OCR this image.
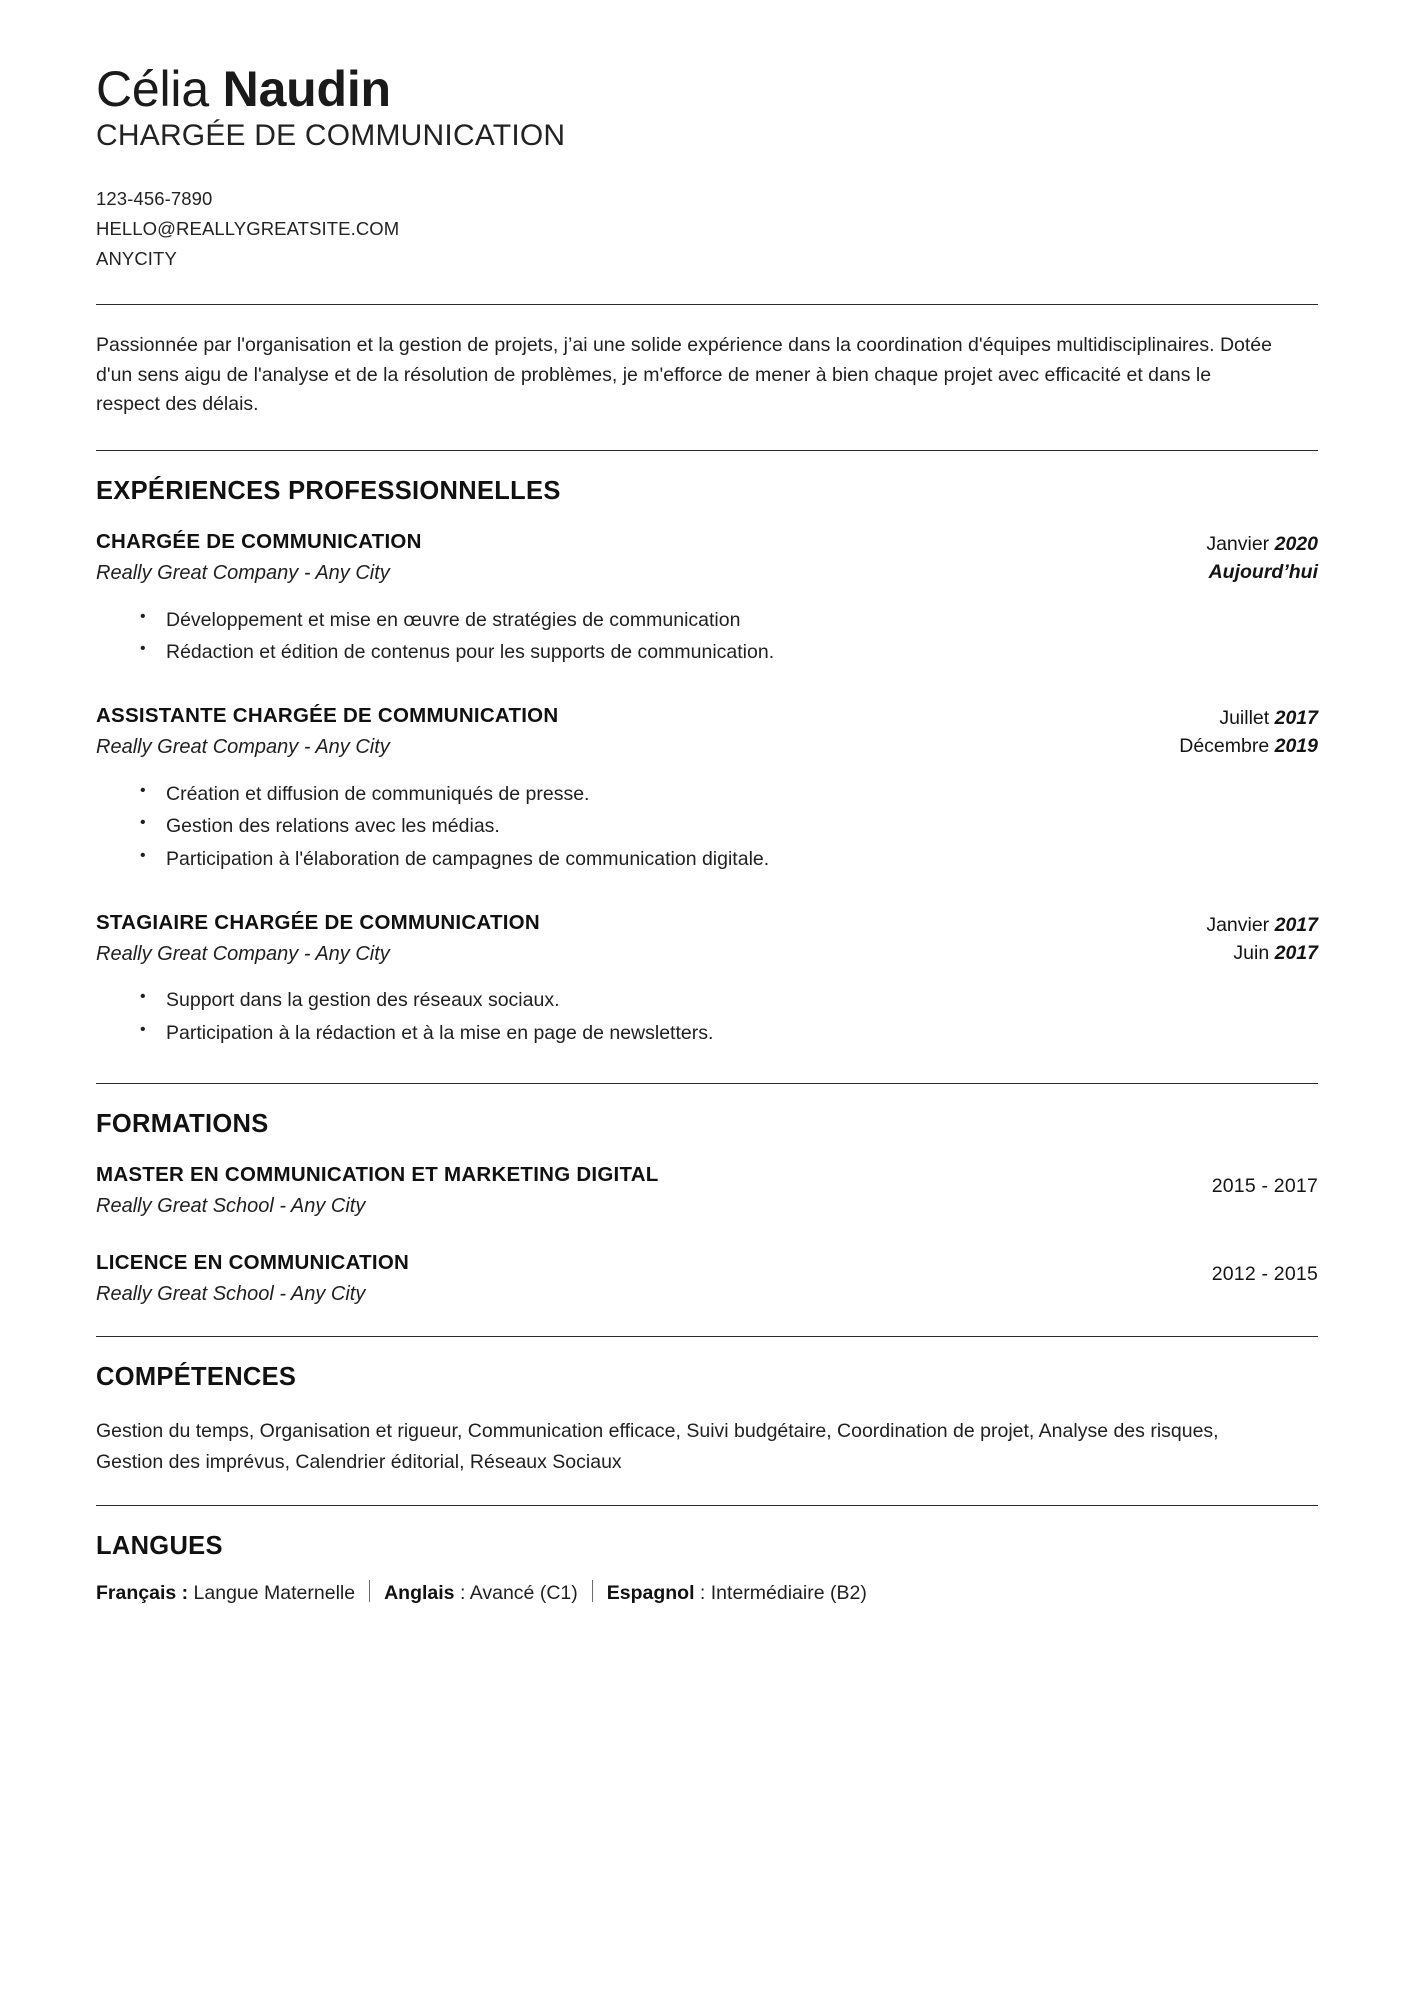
Célia Naudin
CHARGÉE DE COMMUNICATION
123-456-7890
HELLO@REALLYGREATSITE.COM
ANYCITY

Passionnée par l'organisation et la gestion de projets, j’ai une solide expérience dans la coordination d'équipes multidisciplinaires. Dotée d'un sens aigu de l'analyse et de la résolution de problèmes, je m'efforce de mener à bien chaque projet avec efficacité et dans le respect des délais.

EXPÉRIENCES PROFESSIONNELLES
CHARGÉE DE COMMUNICATION
Really Great Company - Any City
Janvier 2020
Aujourd’hui
• Développement et mise en œuvre de stratégies de communication
• Rédaction et édition de contenus pour les supports de communication.
ASSISTANTE CHARGÉE DE COMMUNICATION
Really Great Company - Any City
Juillet 2017
Décembre 2019
• Création et diffusion de communiqués de presse.
• Gestion des relations avec les médias.
• Participation à l'élaboration de campagnes de communication digitale.
STAGIAIRE CHARGÉE DE COMMUNICATION
Really Great Company - Any City
Janvier 2017
Juin 2017
• Support dans la gestion des réseaux sociaux.
• Participation à la rédaction et à la mise en page de newsletters.
FORMATIONS
MASTER EN COMMUNICATION ET MARKETING DIGITAL
Really Great School - Any City
2015 - 2017
LICENCE EN COMMUNICATION
Really Great School - Any City
2012 - 2015
COMPÉTENCES

Gestion du temps, Organisation et rigueur, Communication efficace, Suivi budgétaire, Coordination de projet, Analyse des risques, Gestion des imprévus, Calendrier éditorial, Réseaux Sociaux

LANGUES
Français : Langue Maternelle Anglais : Avancé (C1) Espagnol : Intermédiaire (B2)
